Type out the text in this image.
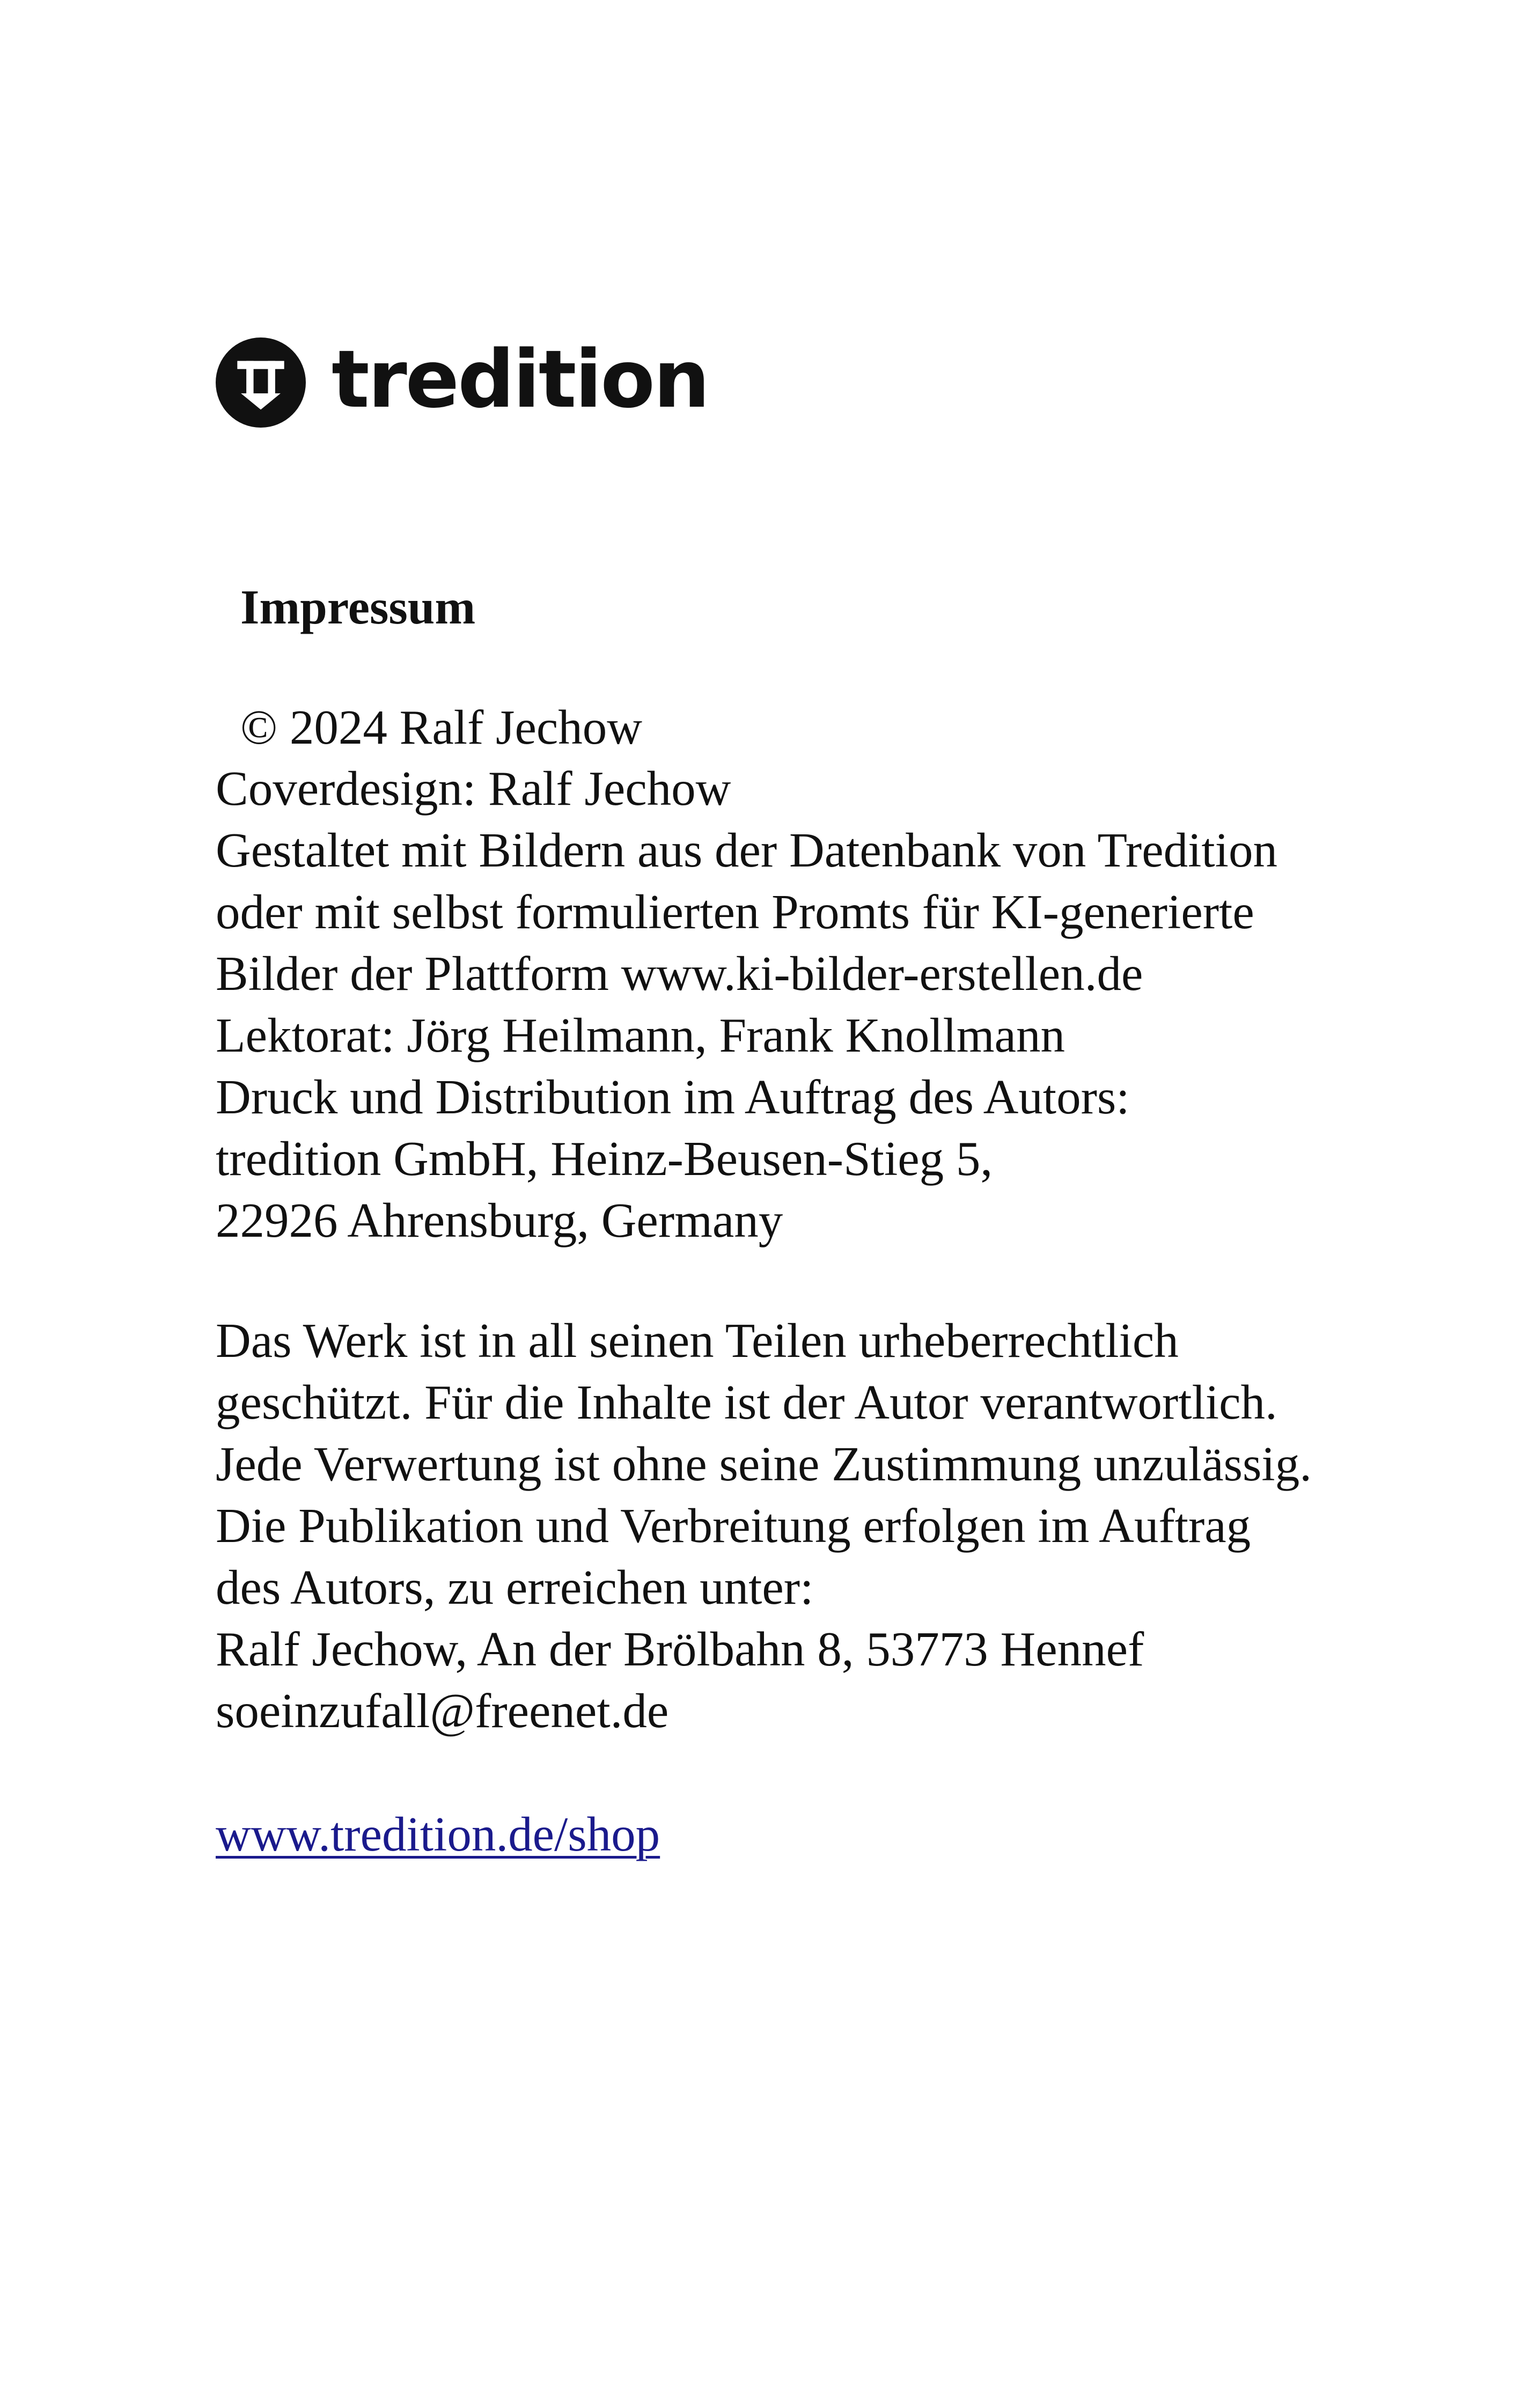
tredition
Impressum
© 2024 Ralf Jechow
Coverdesign: Ralf Jechow
Gestaltet mit Bildern aus der Datenbank von Tredition
oder mit selbst formulierten Promts für KI-generierte
Bilder der Plattform www.ki-bilder-erstellen.de
Lektorat: Jörg Heilmann, Frank Knollmann
Druck und Distribution im Auftrag des Autors:
tredition GmbH, Heinz-Beusen-Stieg 5,
22926 Ahrensburg, Germany
Das Werk ist in all seinen Teilen urheberrechtlich
geschützt. Für die Inhalte ist der Autor verantwortlich.
Jede Verwertung ist ohne seine Zustimmung unzulässig.
Die Publikation und Verbreitung erfolgen im Auftrag
des Autors, zu erreichen unter:
Ralf Jechow, An der Brölbahn 8, 53773 Hennef
soeinzufall@freenet.de
www.tredition.de/shop
